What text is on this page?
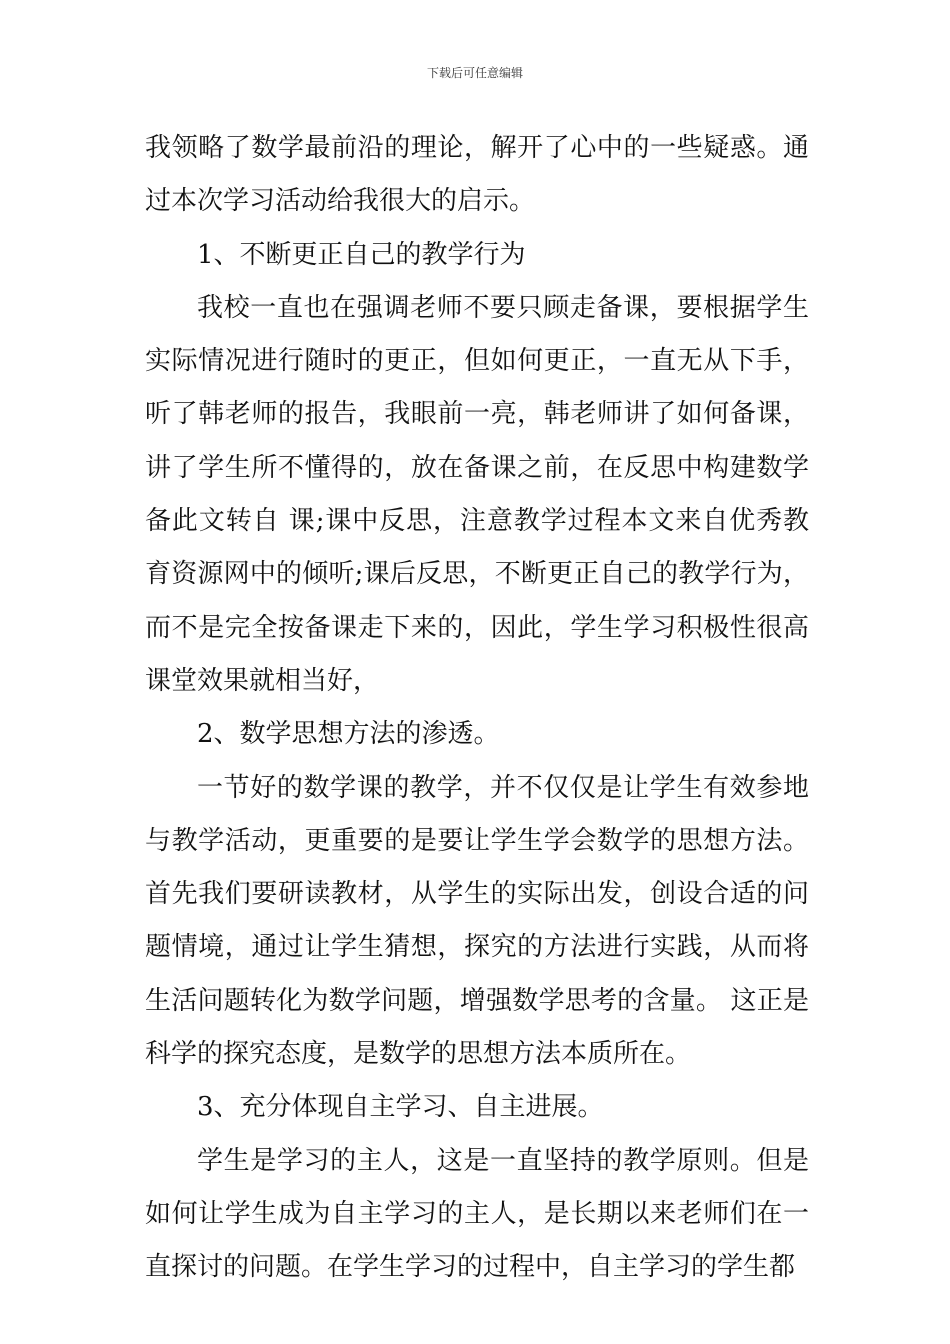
下载后可任意编辑

我领略了数学最前沿的理论，解开了心中的一些疑惑。通过本次学习活动给我很大的启示。

1、不断更正自己的教学行为

我校一直也在强调老师不要只顾走备课，要根据学生实际情况进行随时的更正，但如何更正，一直无从下手，听了韩老师的报告，我眼前一亮，韩老师讲了如何备课，讲了学生所不懂得的，放在备课之前，在反思中构建数学备此文转自 课;课中反思，注意教学过程本文来自优秀教育资源网中的倾听;课后反思，不断更正自己的教学行为，而不是完全按备课走下来的，因此，学生学习积极性很高课堂效果就相当好，

2、数学思想方法的渗透。

一节好的数学课的教学，并不仅仅是让学生有效参地与教学活动，更重要的是要让学生学会数学的思想方法。首先我们要研读教材，从学生的实际出发，创设合适的问题情境，通过让学生猜想，探究的方法进行实践，从而将生活问题转化为数学问题，增强数学思考的含量。 这正是科学的探究态度，是数学的思想方法本质所在。

3、充分体现自主学习、自主进展。

学生是学习的主人，这是一直坚持的教学原则。但是如何让学生成为自主学习的主人，是长期以来老师们在一直探讨的问题。在学生学习的过程中，自主学习的学生都
